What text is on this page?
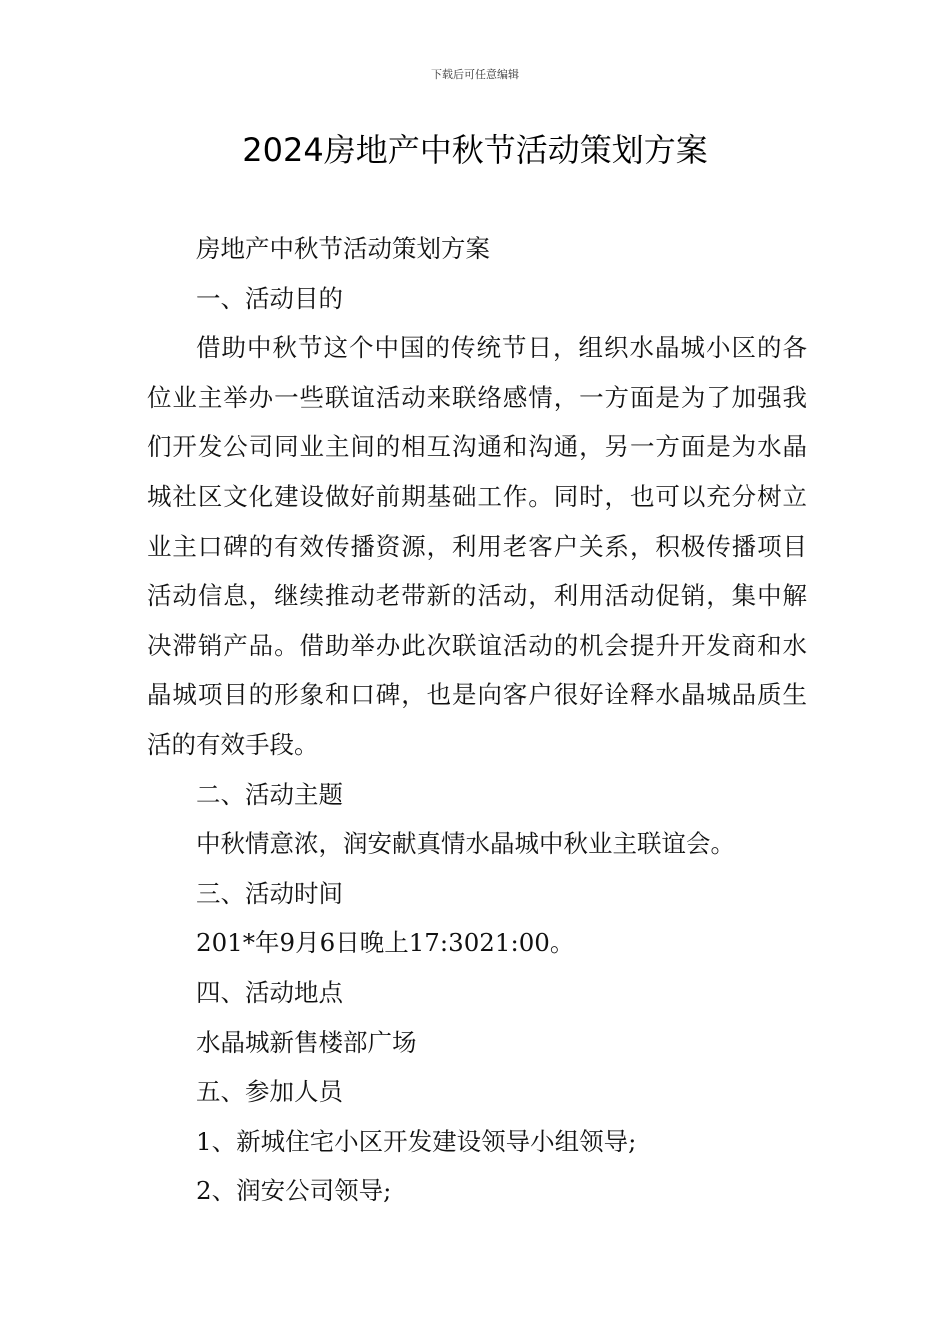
下载后可任意编辑
2024房地产中秋节活动策划方案

房地产中秋节活动策划方案

一、活动目的

借助中秋节这个中国的传统节日，组织水晶城小区的各位业主举办一些联谊活动来联络感情，一方面是为了加强我们开发公司同业主间的相互沟通和沟通，另一方面是为水晶城社区文化建设做好前期基础工作。同时，也可以充分树立业主口碑的有效传播资源，利用老客户关系，积极传播项目活动信息，继续推动老带新的活动，利用活动促销，集中解决滞销产品。借助举办此次联谊活动的机会提升开发商和水晶城项目的形象和口碑，也是向客户很好诠释水晶城品质生活的有效手段。

二、活动主题

中秋情意浓，润安献真情水晶城中秋业主联谊会。

三、活动时间

201*年9月6日晚上17:3021:00。

四、活动地点

水晶城新售楼部广场

五、参加人员

1、新城住宅小区开发建设领导小组领导;

2、润安公司领导;
